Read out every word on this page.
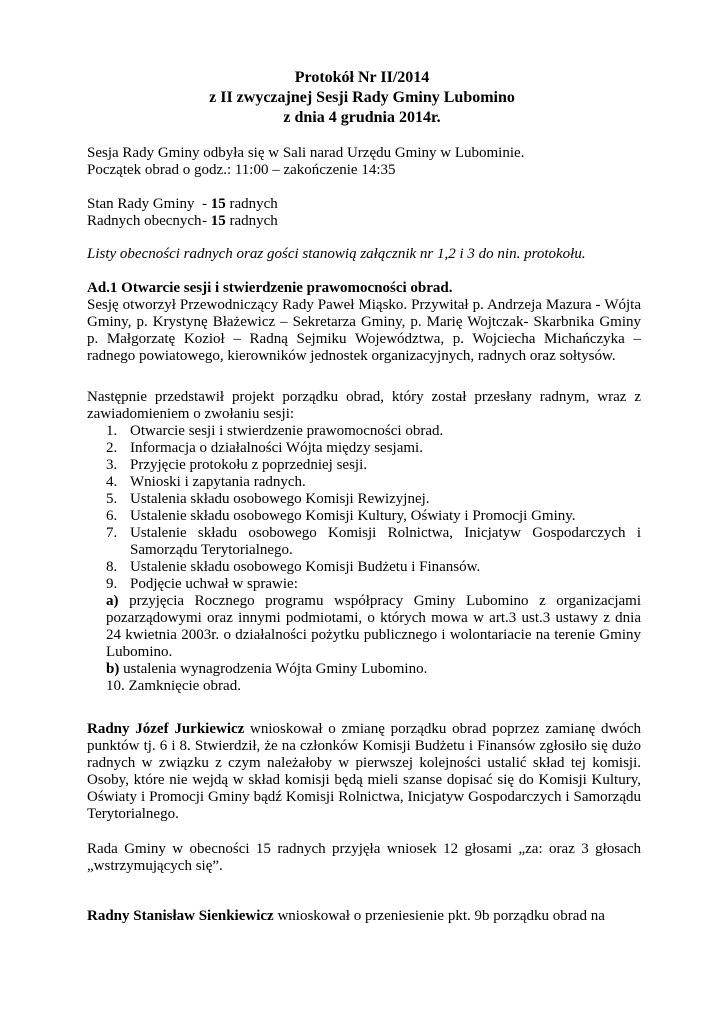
Protokół Nr II/2014
z II zwyczajnej Sesji Rady Gminy Lubomino
z dnia 4 grudnia 2014r.
Sesja Rady Gminy odbyła się w Sali narad Urzędu Gminy w Lubominie.
Początek obrad o godz.: 11:00 – zakończenie 14:35
Stan Rady Gminy - 15 radnych
Radnych obecnych- 15 radnych
Listy obecności radnych oraz gości stanowią załącznik nr 1,2 i 3 do nin. protokołu.
Ad.1 Otwarcie sesji i stwierdzenie prawomocności obrad.

Sesję otworzył Przewodniczący Rady Paweł Miąsko. Przywitał p. Andrzeja Mazura - Wójta Gminy, p. Krystynę Błażewicz – Sekretarza Gminy, p. Marię Wojtczak- Skarbnika Gminy p. Małgorzatę Kozioł – Radną Sejmiku Województwa, p. Wojciecha Michańczyka – radnego powiatowego, kierowników jednostek organizacyjnych, radnych oraz sołtysów.

Następnie przedstawił projekt porządku obrad, który został przesłany radnym, wraz z zawiadomieniem o zwołaniu sesji:

1. Otwarcie sesji i stwierdzenie prawomocności obrad.
2. Informacja o działalności Wójta między sesjami.
3. Przyjęcie protokołu z poprzedniej sesji.
4. Wnioski i zapytania radnych.
5. Ustalenia składu osobowego Komisji Rewizyjnej.
6. Ustalenie składu osobowego Komisji Kultury, Oświaty i Promocji Gminy.
7. Ustalenie składu osobowego Komisji Rolnictwa, Inicjatyw Gospodarczych i Samorządu Terytorialnego.
8. Ustalenie składu osobowego Komisji Budżetu i Finansów.
9. Podjęcie uchwał w sprawie:
a) przyjęcia Rocznego programu współpracy Gminy Lubomino z organizacjami pozarządowymi oraz innymi podmiotami, o których mowa w art.3 ust.3 ustawy z dnia 24 kwietnia 2003r. o działalności pożytku publicznego i wolontariacie na terenie Gminy Lubomino.
b) ustalenia wynagrodzenia Wójta Gminy Lubomino.
10. Zamknięcie obrad.

Radny Józef Jurkiewicz wnioskował o zmianę porządku obrad poprzez zamianę dwóch punktów tj. 6 i 8. Stwierdził, że na członków Komisji Budżetu i Finansów zgłosiło się dużo radnych w związku z czym należałoby w pierwszej kolejności ustalić skład tej komisji. Osoby, które nie wejdą w skład komisji będą mieli szanse dopisać się do Komisji Kultury, Oświaty i Promocji Gminy bądź Komisji Rolnictwa, Inicjatyw Gospodarczych i Samorządu Terytorialnego.

Rada Gminy w obecności 15 radnych przyjęła wniosek 12 głosami „za: oraz 3 głosach „wstrzymujących się”.

Radny Stanisław Sienkiewicz wnioskował o przeniesienie pkt. 9b porządku obrad na
